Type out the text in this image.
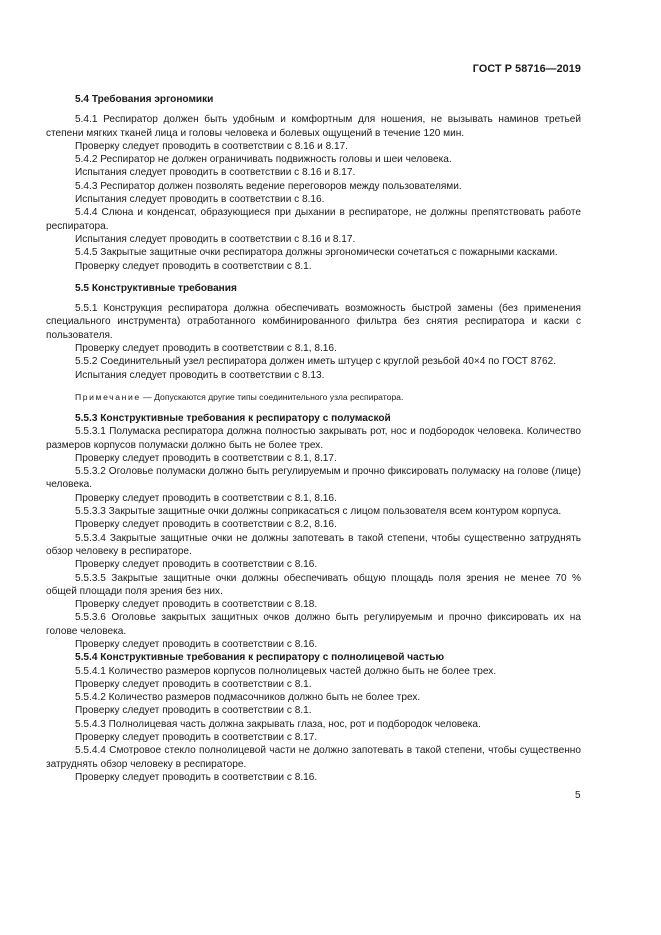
ГОСТ Р 58716—2019

5.4 Требования эргономики

5.4.1 Респиратор должен быть удобным и комфортным для ношения, не вызывать наминов третьей степени мягких тканей лица и головы человека и болевых ощущений в течение 120 мин.

Проверку следует проводить в соответствии с 8.16 и 8.17.

5.4.2 Респиратор не должен ограничивать подвижность головы и шеи человека.

Испытания следует проводить в соответствии с 8.16 и 8.17.

5.4.3 Респиратор должен позволять ведение переговоров между пользователями.

Испытания следует проводить в соответствии с 8.16.

5.4.4 Слюна и конденсат, образующиеся при дыхании в респираторе, не должны препятствовать работе респиратора.

Испытания следует проводить в соответствии с 8.16 и 8.17.

5.4.5 Закрытые защитные очки респиратора должны эргономически сочетаться с пожарными касками.

Проверку следует проводить в соответствии с 8.1.

5.5 Конструктивные требования

5.5.1 Конструкция респиратора должна обеспечивать возможность быстрой замены (без применения специального инструмента) отработанного комбинированного фильтра без снятия респиратора и каски с пользователя.

Проверку следует проводить в соответствии с 8.1, 8.16.

5.5.2 Соединительный узел респиратора должен иметь штуцер с круглой резьбой 40×4 по ГОСТ 8762.

Испытания следует проводить в соответствии с 8.13.

Примечание — Допускаются другие типы соединительного узла респиратора.

5.5.3 Конструктивные требования к респиратору с полумаской

5.5.3.1 Полумаска респиратора должна полностью закрывать рот, нос и подбородок человека. Количество размеров корпусов полумаски должно быть не более трех.

Проверку следует проводить в соответствии с 8.1, 8.17.

5.5.3.2 Оголовье полумаски должно быть регулируемым и прочно фиксировать полумаску на голове (лице) человека.

Проверку следует проводить в соответствии с 8.1, 8.16.

5.5.3.3 Закрытые защитные очки должны соприкасаться с лицом пользователя всем контуром корпуса.

Проверку следует проводить в соответствии с 8.2, 8.16.

5.5.3.4 Закрытые защитные очки не должны запотевать в такой степени, чтобы существенно затруднять обзор человеку в респираторе.

Проверку следует проводить в соответствии с 8.16.

5.5.3.5 Закрытые защитные очки должны обеспечивать общую площадь поля зрения не менее 70 % общей площади поля зрения без них.

Проверку следует проводить в соответствии с 8.18.

5.5.3.6 Оголовье закрытых защитных очков должно быть регулируемым и прочно фиксировать их на голове человека.

Проверку следует проводить в соответствии с 8.16.

5.5.4 Конструктивные требования к респиратору с полнолицевой частью

5.5.4.1 Количество размеров корпусов полнолицевых частей должно быть не более трех.

Проверку следует проводить в соответствии с 8.1.

5.5.4.2 Количество размеров подмасочников должно быть не более трех.

Проверку следует проводить в соответствии с 8.1.

5.5.4.3 Полнолицевая часть должна закрывать глаза, нос, рот и подбородок человека.

Проверку следует проводить в соответствии с 8.17.

5.5.4.4 Смотровое стекло полнолицевой части не должно запотевать в такой степени, чтобы существенно затруднять обзор человеку в респираторе.

Проверку следует проводить в соответствии с 8.16.

5
